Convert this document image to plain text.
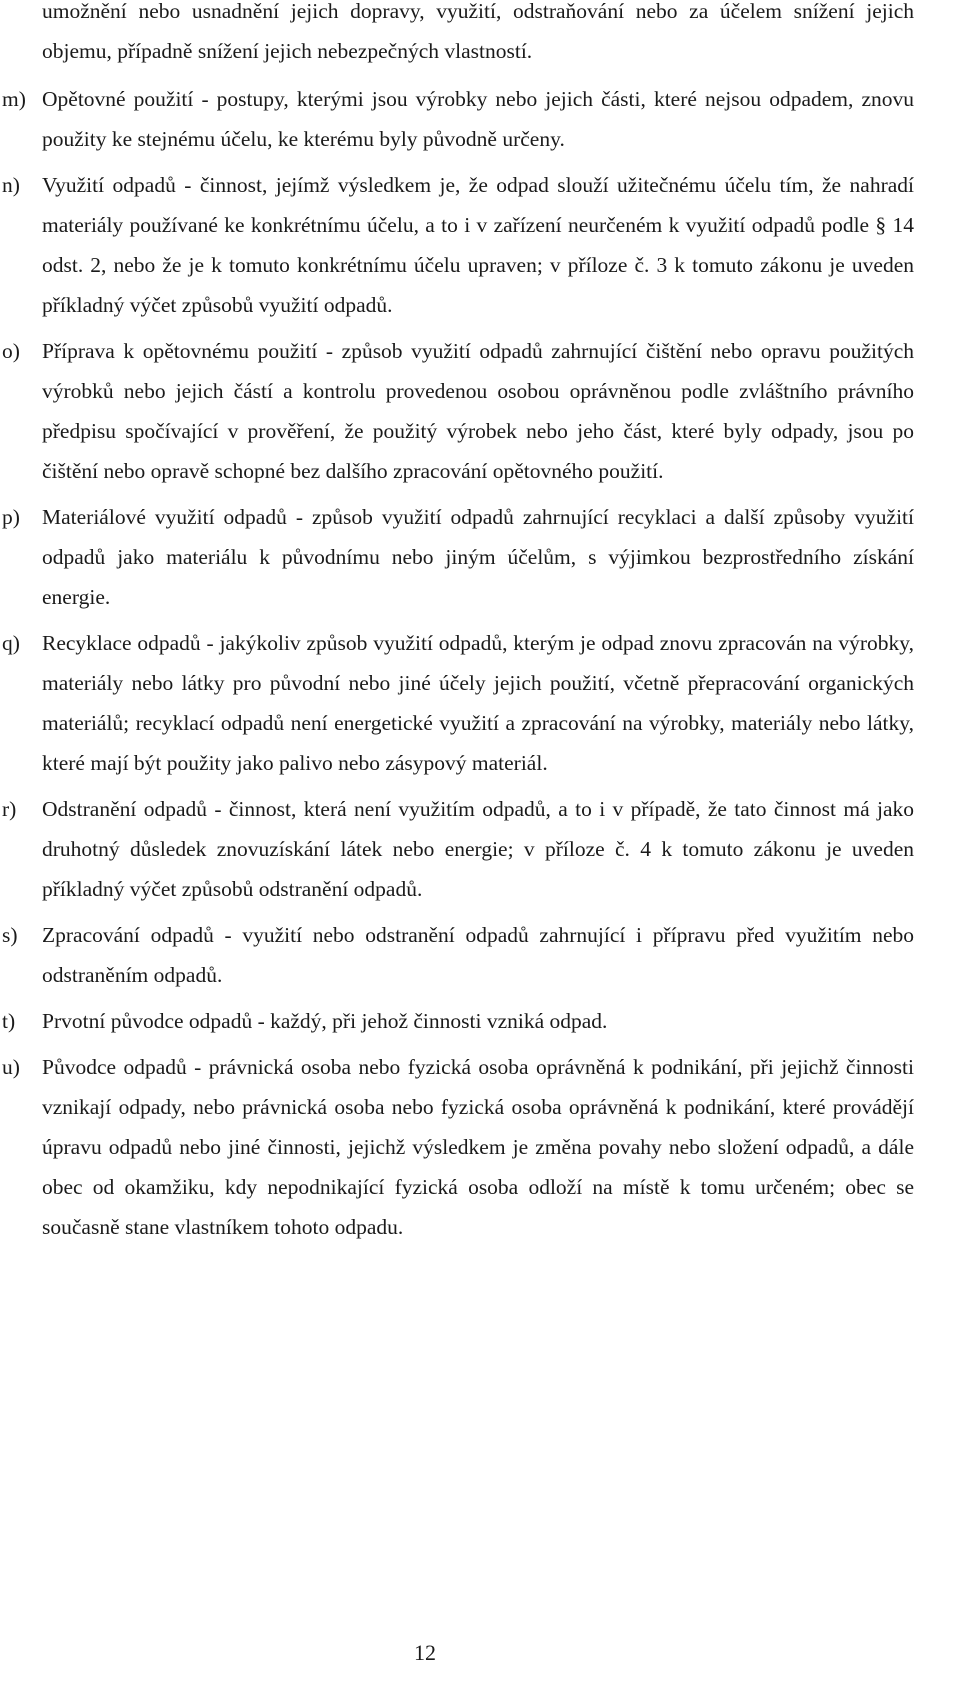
umožnění nebo usnadnění jejich dopravy, využití, odstraňování nebo za účelem snížení jejich objemu, případně snížení jejich nebezpečných vlastností.

m) Opětovné použití - postupy, kterými jsou výrobky nebo jejich části, které nejsou odpadem, znovu použity ke stejnému účelu, ke kterému byly původně určeny.

n)	Využití odpadů - činnost, jejímž výsledkem je, že odpad slouží užitečnému účelu tím, že nahradí materiály používané ke konkrétnímu účelu, a to i v zařízení neurčeném k využití odpadů podle § 14 odst. 2, nebo že je k tomuto konkrétnímu účelu upraven; v příloze č. 3 k tomuto zákonu je uveden příkladný výčet způsobů využití odpadů.

o)	Příprava k opětovnému použití - způsob využití odpadů zahrnující čištění nebo opravu použitých výrobků nebo jejich částí a kontrolu provedenou osobou oprávněnou podle zvláštního právního předpisu spočívající v prověření, že použitý výrobek nebo jeho část, které byly odpady, jsou po čištění nebo opravě schopné bez dalšího zpracování opětovného použití.

p)	Materiálové využití odpadů - způsob využití odpadů zahrnující recyklaci a další způsoby využití odpadů jako materiálu k původnímu nebo jiným účelům, s výjimkou bezprostředního získání energie.

q)	Recyklace odpadů - jakýkoliv způsob využití odpadů, kterým je odpad znovu zpracován na výrobky, materiály nebo látky pro původní nebo jiné účely jejich použití, včetně přepracování organických materiálů; recyklací odpadů není energetické využití a zpracování na výrobky, materiály nebo látky, které mají být použity jako palivo nebo zásypový materiál.

r)	Odstranění odpadů - činnost, která není využitím odpadů, a to i v případě, že tato činnost má jako druhotný důsledek znovuzískání látek nebo energie; v příloze č. 4 k tomuto zákonu je uveden příkladný výčet způsobů odstranění odpadů.

s)	Zpracování odpadů - využití nebo odstranění odpadů zahrnující i přípravu před využitím nebo odstraněním odpadů.

t)	Prvotní původce odpadů - každý, při jehož činnosti vzniká odpad.

u)	Původce odpadů - právnická osoba nebo fyzická osoba oprávněná k podnikání, při jejichž činnosti vznikají odpady, nebo právnická osoba nebo fyzická osoba oprávněná k podnikání, které provádějí úpravu odpadů nebo jiné činnosti, jejichž výsledkem je změna povahy nebo složení odpadů, a dále obec od okamžiku, kdy nepodnikající fyzická osoba odloží na místě k tomu určeném; obec se současně stane vlastníkem tohoto odpadu.

12
